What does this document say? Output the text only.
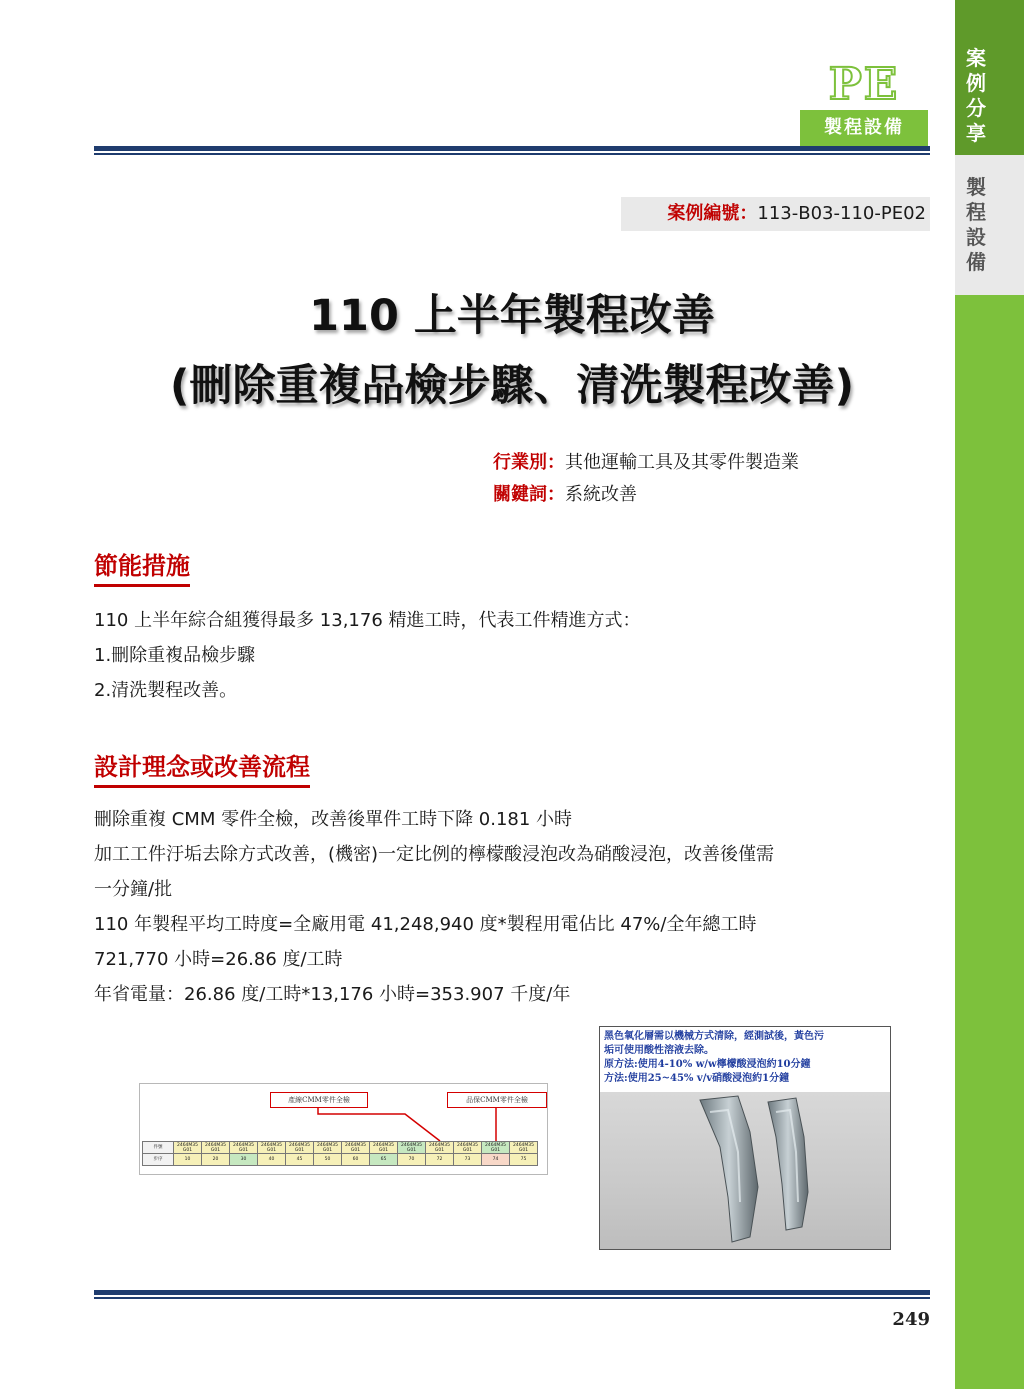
案
例
分
享
製
程
設
備
PE
製程設備
案例編號：113-B03-110-PE02
110 上半年製程改善
(刪除重複品檢步驟、清洗製程改善)
行業別：其他運輸工具及其零件製造業
關鍵詞：系統改善
節能措施
110 上半年綜合組獲得最多 13,176 精進工時，代表工件精進方式：
1.刪除重複品檢步驟
2.清洗製程改善。
設計理念或改善流程
刪除重複 CMM 零件全檢，改善後單件工時下降 0.181 小時
加工工件汙垢去除方式改善，(機密)一定比例的檸檬酸浸泡改為硝酸浸泡，改善後僅需
一分鐘/批
110 年製程平均工時度=全廠用電 41,248,940 度*製程用電佔比 47%/全年總工時
721,770 小時=26.86 度/工時
年省電量：26.86 度/工時*13,176 小時=353.907 千度/年
產線CMM零件全檢	品保CMM零件全檢
件號	2464M35 G01	2464M35 G01	2464M35 G01	2464M35 G01	2464M35 G01	2464M35 G01	2464M35 G01	2464M35 G01	2464M35 G01	2464M35 G01	2464M35 G01	2464M35 G01	2464M35 G01
步序	10	20	30	40	45	50	60	65	70	72	73	74	75
黑色氧化層需以機械方式清除，經測試後，黃色污
垢可使用酸性溶液去除。
原方法:使用4-10% w/w檸檬酸浸泡約10分鐘
方法:使用25~45% v/v硝酸浸泡約1分鐘
249
